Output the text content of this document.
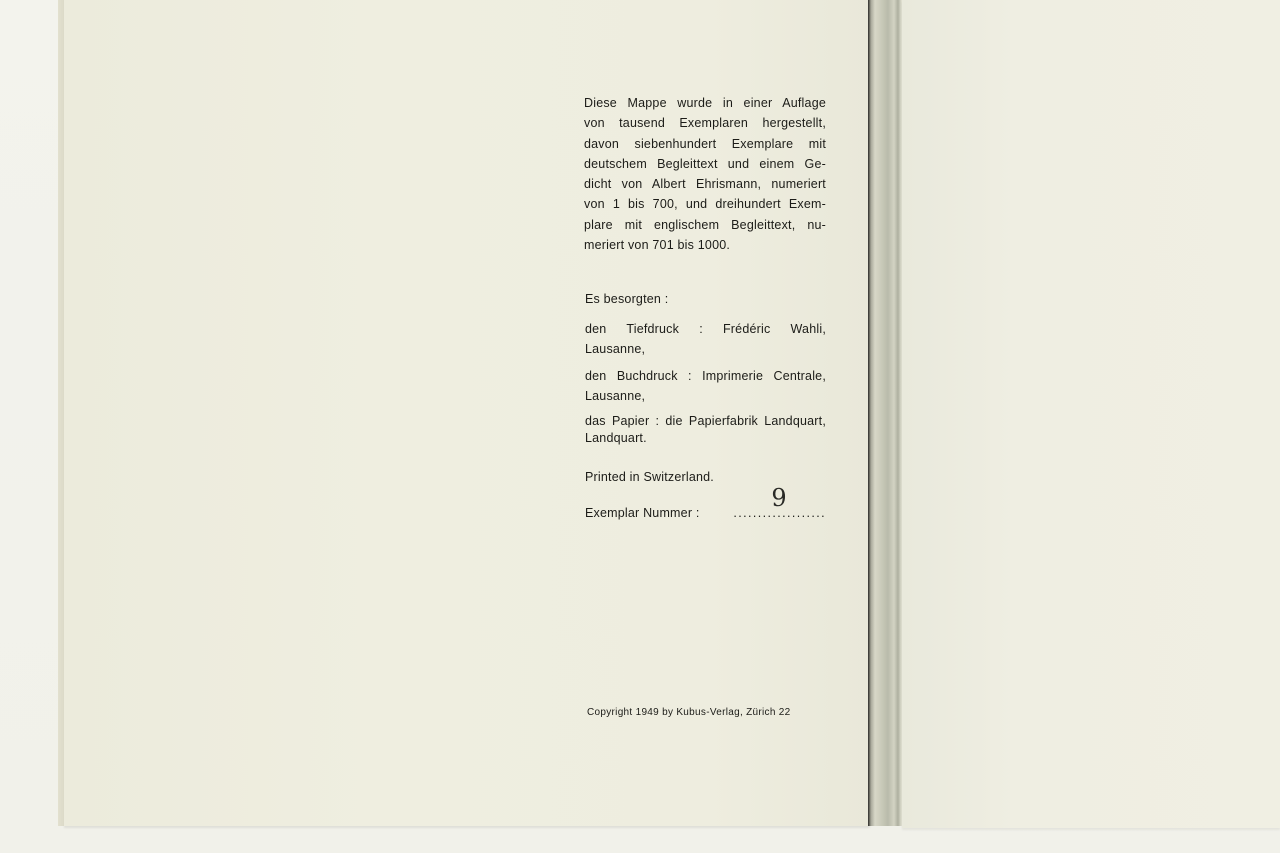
Diese Mappe wurde in einer Auflage
von tausend Exemplaren hergestellt,
davon siebenhundert Exemplare mit
deutschem Begleittext und einem Ge-
dicht von Albert Ehrismann, numeriert
von 1 bis 700, und dreihundert Exem-
plare mit englischem Begleittext, nu-
meriert von 701 bis 1000.
Es besorgten :
den Tiefdruck : Frédéric Wahli,
Lausanne,
den Buchdruck : Imprimerie Centrale,
Lausanne,
das Papier : die Papierfabrik Landquart,
Landquart.
Printed in Switzerland.
Exemplar Nummer :	...................
9
Copyright 1949 by Kubus-Verlag, Zürich 22
